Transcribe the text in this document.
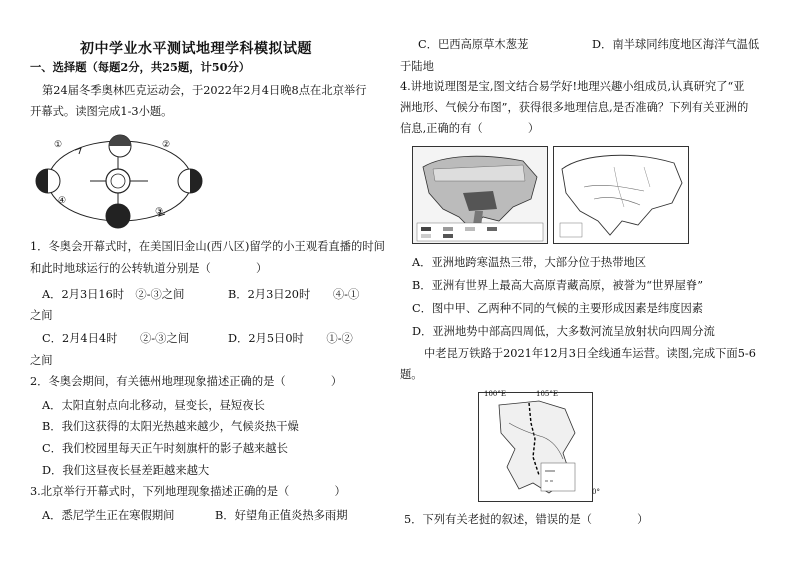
初中学业水平测试地理学科模拟试题
一、选择题（每题2分，共25题，计50分）
第24届冬季奥林匹克运动会，于2022年2月4日晚8点在北京举行
开幕式。读图完成1-3小题。
①	②
③
④
1．冬奥会开幕式时，在美国旧金山(西八区)留学的小王观看直播的时间
和此时地球运行的公转轨道分别是（　　　　）
A．2月3日16时　②-③之间	B．2月3日20时　　④-①
之间
C．2月4日4时　　②-③之间	D．2月5日0时　　①-②
之间
2．冬奥会期间，有关德州地理现象描述正确的是（　　　　）
A．太阳直射点向北移动，昼变长，昼短夜长
B．我们这获得的太阳光热越来越少，气候炎热干燥
C．我们校园里每天正午时刻旗杆的影子越来越长
D．我们这昼夜长昼差距越来越大
3.北京举行开幕式时，下列地理现象描述正确的是（　　　　）
A．悉尼学生正在寒假期间	B．好望角正值炎热多雨期
C．巴西高原草木葱茏	D．南半球同纬度地区海洋气温低
于陆地
4.讲地说理图是宝,图文结合易学好!地理兴趣小组成员,认真研究了“亚
洲地形、气候分布图”，获得很多地理信息,是否准确？下列有关亚洲的
信息,正确的有（　　　　）
A．亚洲地跨寒温热三带，大部分位于热带地区
B．亚洲有世界上最高大高原青藏高原，被誉为“世界屋脊”
C．图中甲、乙两种不同的气候的主要形成因素是纬度因素
D．亚洲地势中部高四周低，大多数河流呈放射状向四周分流
中老昆万铁路于2021年12月3日全线通车运营。读图,完成下面5-6
题。
100°E	105°E
0°
5．下列有关老挝的叙述，错误的是（　　　　）
